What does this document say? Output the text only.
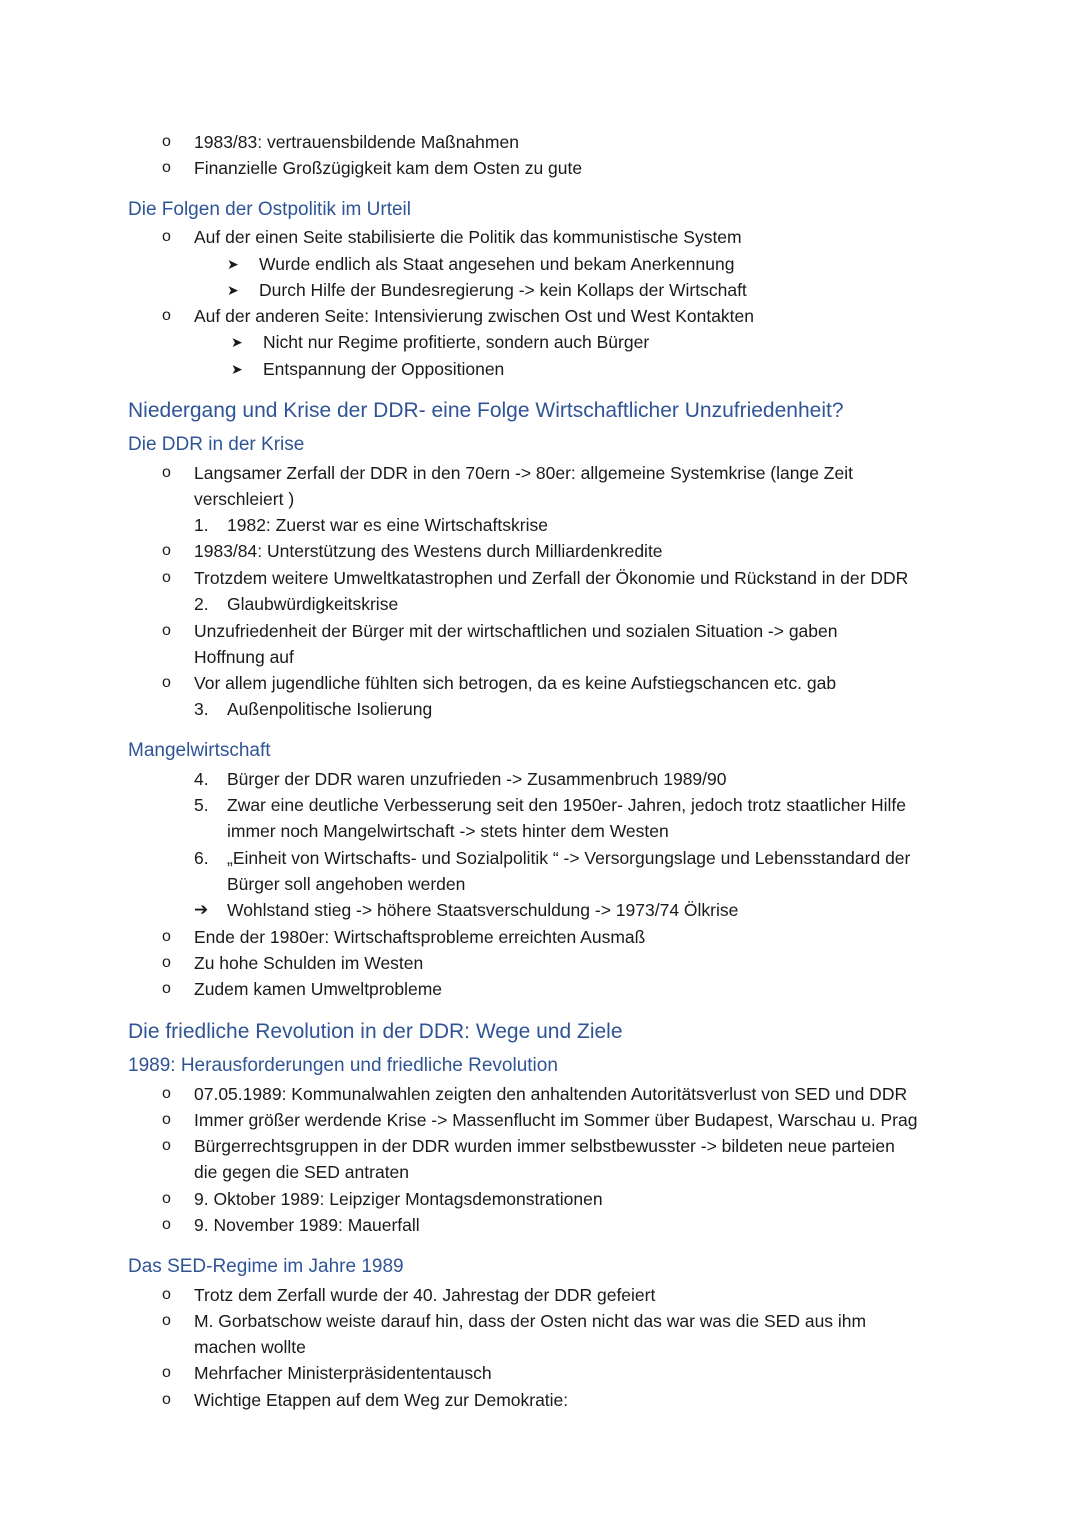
o 1983/83: vertrauensbildende Maßnahmen
o Finanzielle Großzügigkeit kam dem Osten zu gute
Die Folgen der Ostpolitik im Urteil
o Auf der einen Seite stabilisierte die Politik das kommunistische System
➤ Wurde endlich als Staat angesehen und bekam Anerkennung
➤ Durch Hilfe der Bundesregierung -> kein Kollaps der Wirtschaft
o Auf der anderen Seite: Intensivierung zwischen Ost und West Kontakten
➤ Nicht nur Regime profitierte, sondern auch Bürger
➤ Entspannung der Oppositionen
Niedergang und Krise der DDR- eine Folge Wirtschaftlicher Unzufriedenheit?
Die DDR in der Krise
o Langsamer Zerfall der DDR in den 70ern -> 80er: allgemeine Systemkrise (lange Zeit
verschleiert )
1. 1982: Zuerst war es eine Wirtschaftskrise
o 1983/84: Unterstützung des Westens durch Milliardenkredite
o Trotzdem weitere Umweltkatastrophen und Zerfall der Ökonomie und Rückstand in der DDR
2. Glaubwürdigkeitskrise
o Unzufriedenheit der Bürger mit der wirtschaftlichen und sozialen Situation -> gaben
Hoffnung auf
o Vor allem jugendliche fühlten sich betrogen, da es keine Aufstiegschancen etc. gab
3. Außenpolitische Isolierung
Mangelwirtschaft
4. Bürger der DDR waren unzufrieden -> Zusammenbruch 1989/90
5. Zwar eine deutliche Verbesserung seit den 1950er- Jahren, jedoch trotz staatlicher Hilfe
immer noch Mangelwirtschaft -> stets hinter dem Westen
6. „Einheit von Wirtschafts- und Sozialpolitik “ -> Versorgungslage und Lebensstandard der
Bürger soll angehoben werden
➔ Wohlstand stieg -> höhere Staatsverschuldung -> 1973/74 Ölkrise
o Ende der 1980er: Wirtschaftsprobleme erreichten Ausmaß
o Zu hohe Schulden im Westen
o Zudem kamen Umweltprobleme
Die friedliche Revolution in der DDR: Wege und Ziele
1989: Herausforderungen und friedliche Revolution
o 07.05.1989: Kommunalwahlen zeigten den anhaltenden Autoritätsverlust von SED und DDR
o Immer größer werdende Krise -> Massenflucht im Sommer über Budapest, Warschau u. Prag
o Bürgerrechtsgruppen in der DDR wurden immer selbstbewusster -> bildeten neue parteien
die gegen die SED antraten
o 9. Oktober 1989: Leipziger Montagsdemonstrationen
o 9. November 1989: Mauerfall
Das SED-Regime im Jahre 1989
o Trotz dem Zerfall wurde der 40. Jahrestag der DDR gefeiert
o M. Gorbatschow weiste darauf hin, dass der Osten nicht das war was die SED aus ihm
machen wollte
o Mehrfacher Ministerpräsidententausch
o Wichtige Etappen auf dem Weg zur Demokratie:
